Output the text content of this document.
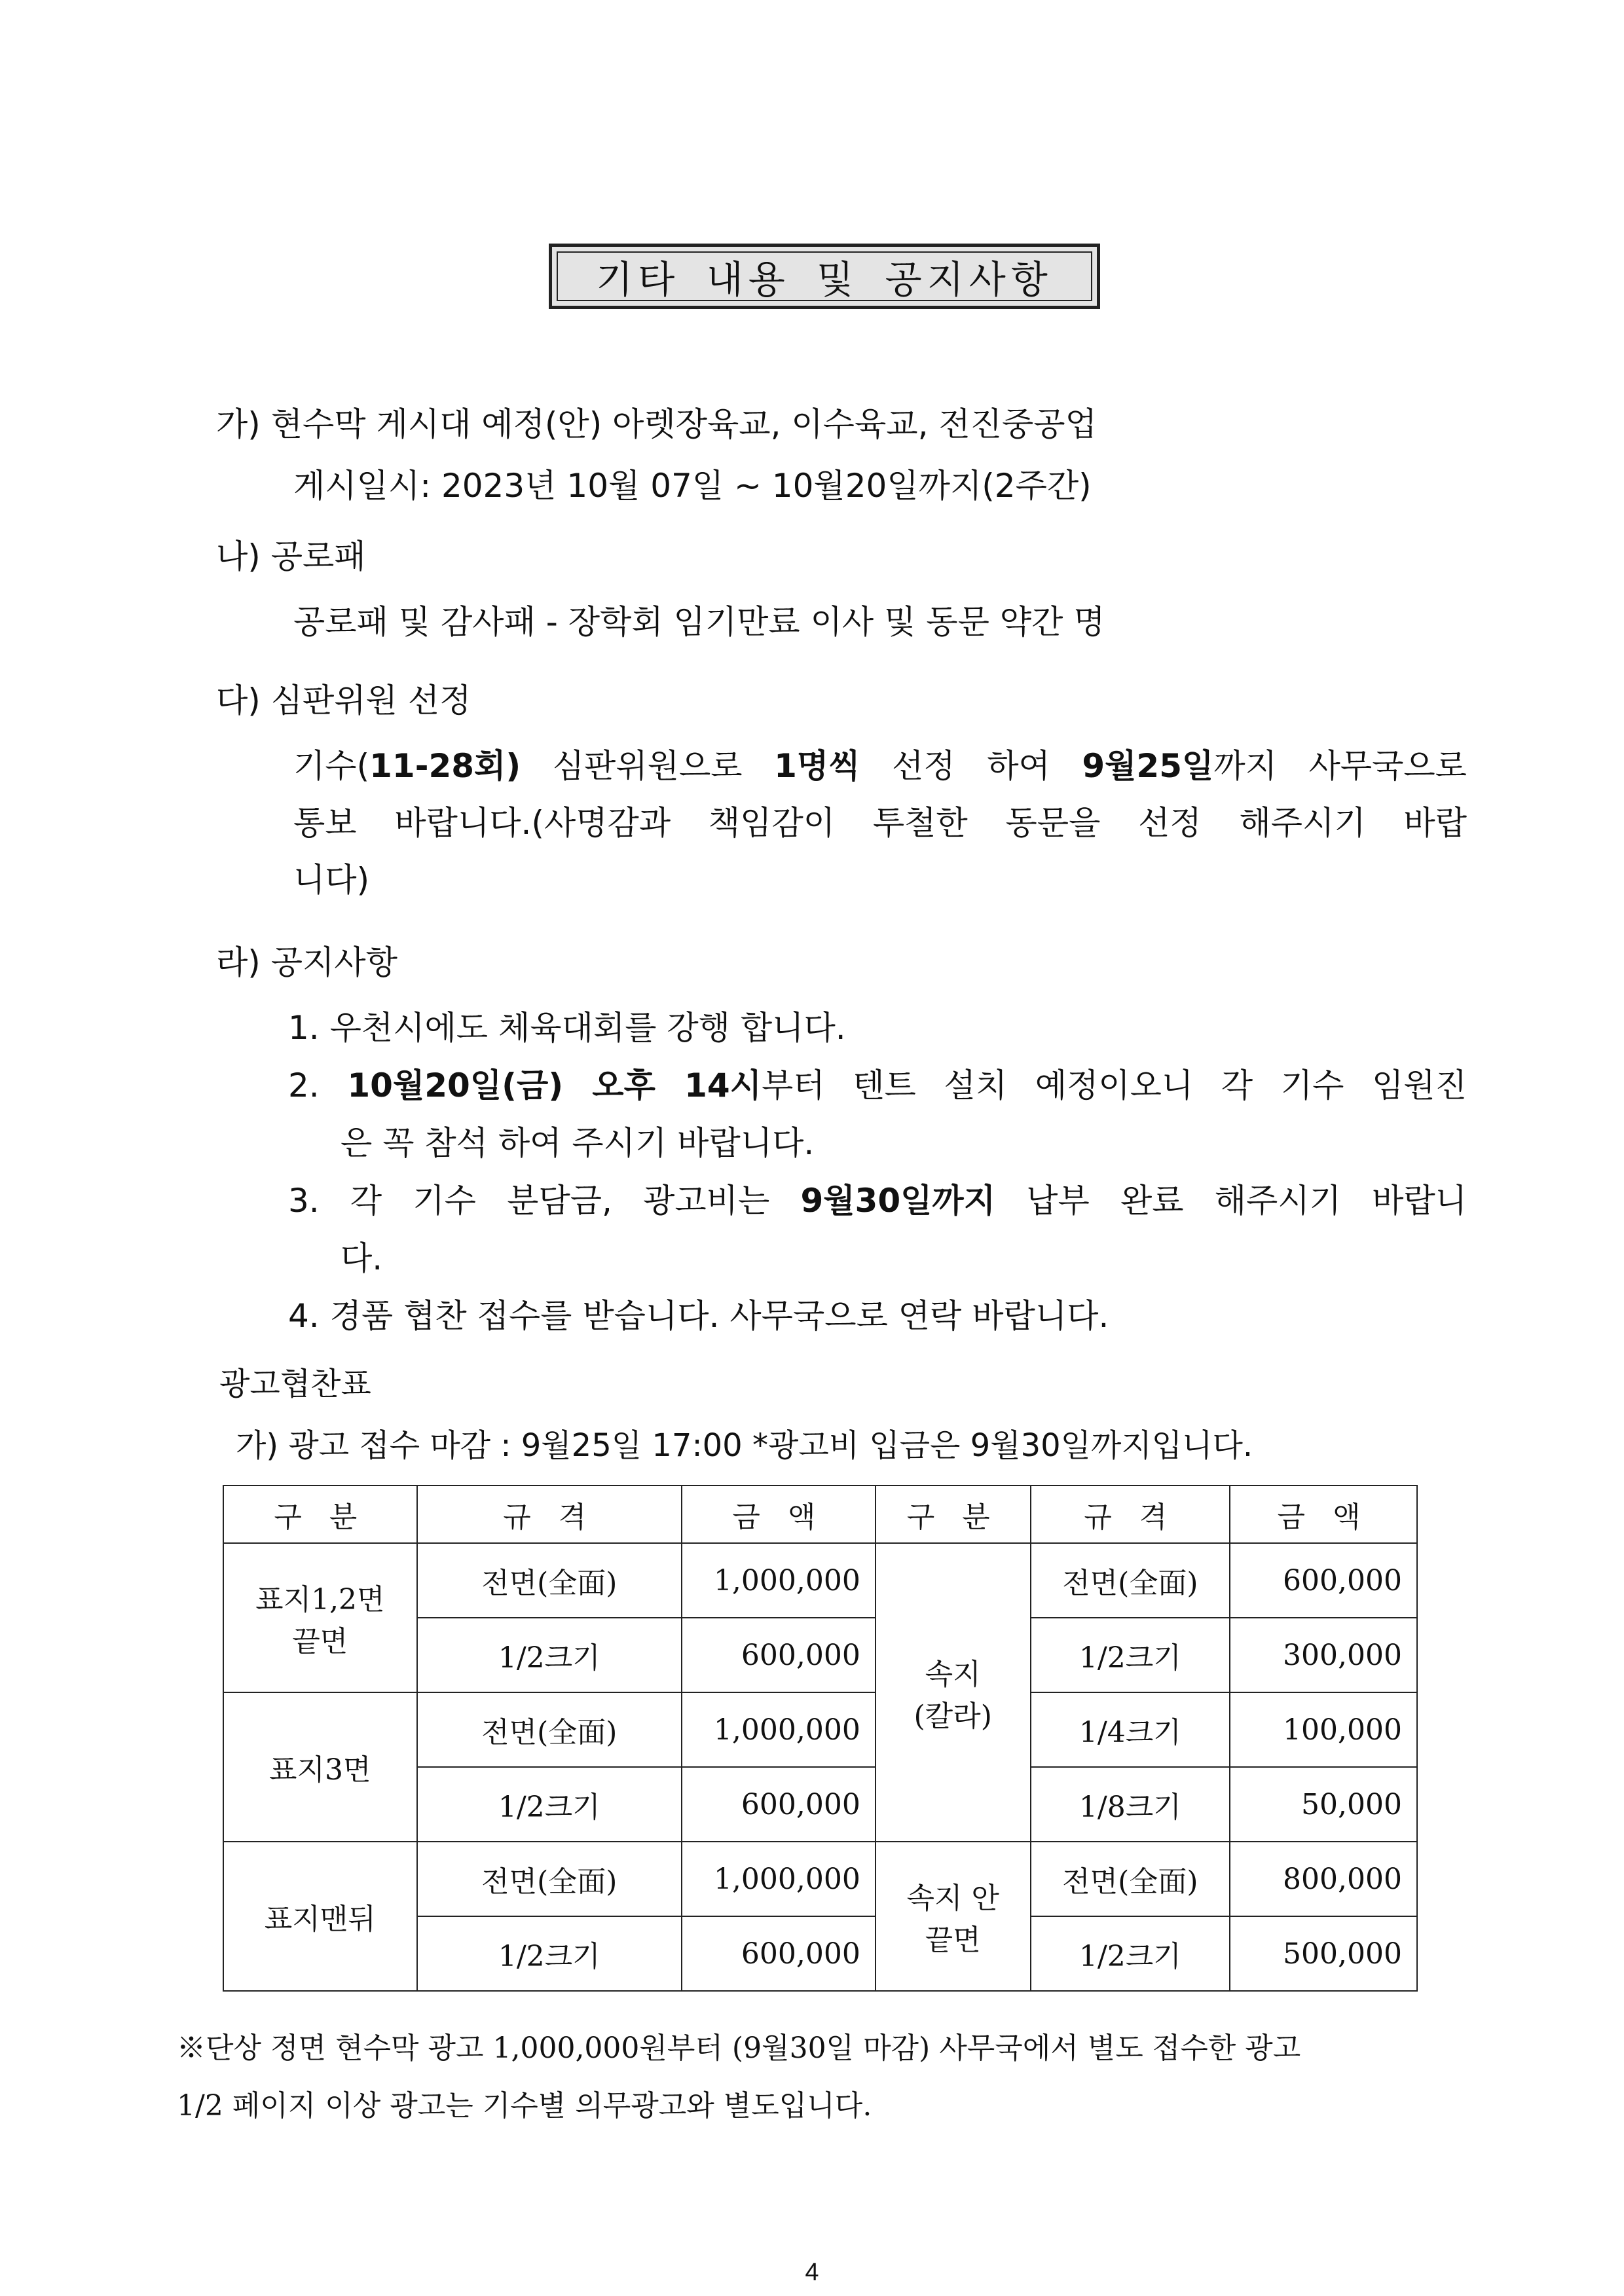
기타 내용 및 공지사항
가) 현수막 게시대 예정(안) 아렛장육교, 이수육교, 전진중공업
게시일시: 2023년 10월 07일 ~ 10월20일까지(2주간)
나) 공로패
공로패 및 감사패 - 장학회 임기만료 이사 및 동문 약간 명
다) 심판위원 선정
기수(11-28회) 심판위원으로 1명씩 선정 하여 9월25일까지 사무국으로
통보 바랍니다.(사명감과 책임감이 투철한 동문을 선정 해주시기 바랍
니다)
라) 공지사항
1. 우천시에도 체육대회를 강행 합니다.
2. 10월20일(금) 오후 14시부터 텐트 설치 예정이오니 각 기수 임원진
은 꼭 참석 하여 주시기 바랍니다.
3. 각 기수 분담금, 광고비는 9월30일까지 납부 완료 해주시기 바랍니
다.
4. 경품 협찬 접수를 받습니다. 사무국으로 연락 바랍니다.
광고협찬표
가) 광고 접수 마감 : 9월25일 17:00 *광고비 입금은 9월30일까지입니다.
구 분	규 격	금 액	구 분	규 격	금 액
표지1,2면 끝면	전면(全面)	1,000,000	속지 (칼라)	전면(全面)	600,000
	1/2크기	600,000		1/2크기	300,000
표지3면	전면(全面)	1,000,000		1/4크기	100,000
	1/2크기	600,000		1/8크기	50,000
표지맨뒤	전면(全面)	1,000,000	속지 안 끝면	전면(全面)	800,000
	1/2크기	600,000		1/2크기	500,000
※단상 정면 현수막 광고 1,000,000원부터 (9월30일 마감) 사무국에서 별도 접수한 광고
1/2 페이지 이상 광고는 기수별 의무광고와 별도입니다.
4
